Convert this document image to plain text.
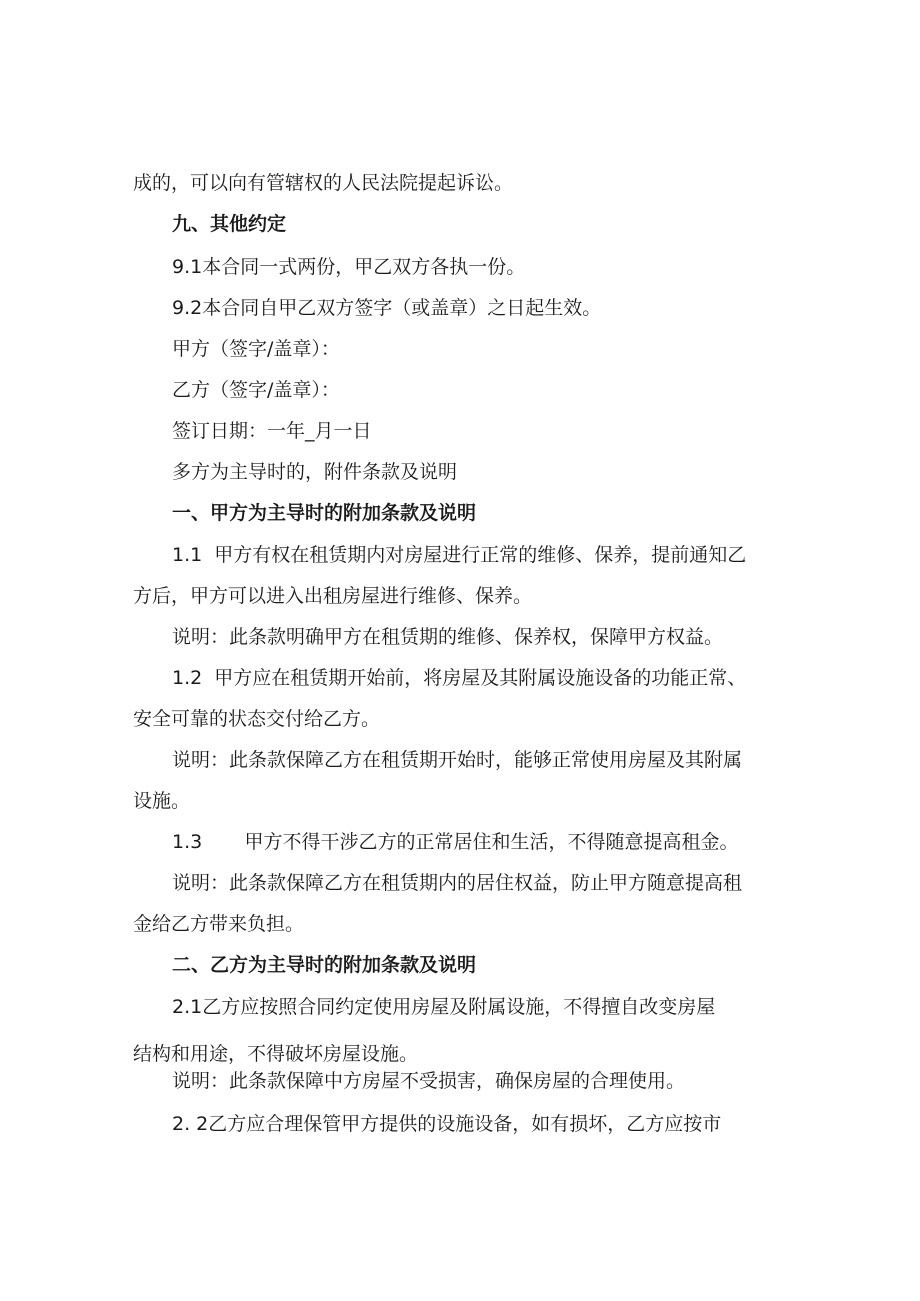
成的，可以向有管辖权的人民法院提起诉讼。
九、其他约定
9.1本合同一式两份，甲乙双方各执一份。
9.2本合同自甲乙双方签字（或盖章）之日起生效。
甲方（签字/盖章）：
乙方（签字/盖章）：
签订日期：一年_月一日
多方为主导时的，附件条款及说明
一、甲方为主导时的附加条款及说明
1.1  甲方有权在租赁期内对房屋进行正常的维修、保养，提前通知乙
方后，甲方可以进入出租房屋进行维修、保养。
说明：此条款明确甲方在租赁期的维修、保养权，保障甲方权益。
1.2  甲方应在租赁期开始前，将房屋及其附属设施设备的功能正常、
安全可靠的状态交付给乙方。
说明：此条款保障乙方在租赁期开始时，能够正常使用房屋及其附属
设施。
1.3       甲方不得干涉乙方的正常居住和生活，不得随意提高租金。
说明：此条款保障乙方在租赁期内的居住权益，防止甲方随意提高租
金给乙方带来负担。
二、乙方为主导时的附加条款及说明
2.1乙方应按照合同约定使用房屋及附属设施，不得擅自改变房屋
结构和用途，不得破坏房屋设施。
说明：此条款保障中方房屋不受损害，确保房屋的合理使用。
2. 2乙方应合理保管甲方提供的设施设备，如有损坏，乙方应按市
